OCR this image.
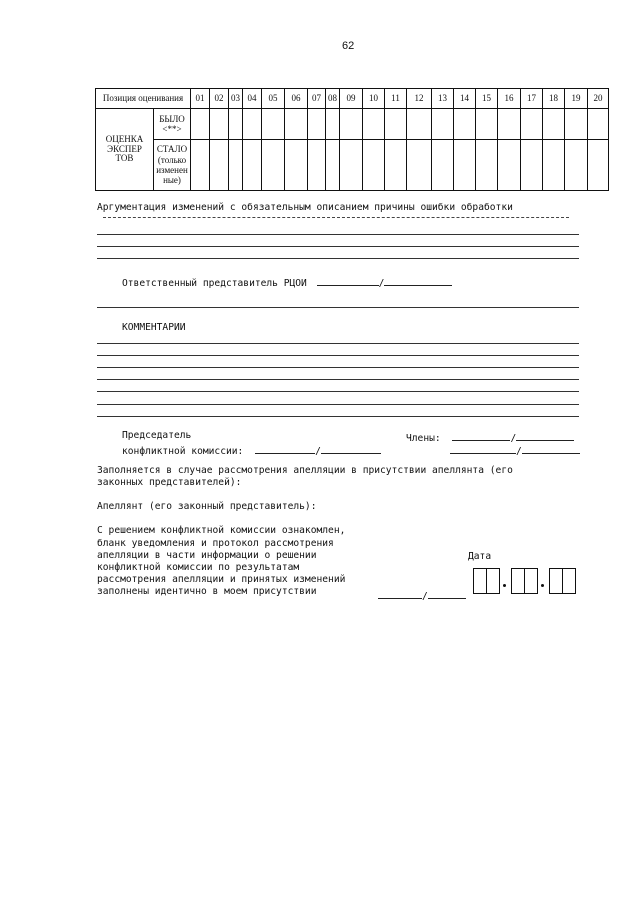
62
Позиция оценивания		01	02	03	04	05	06	07	08	09	10	11	12	13	14	15	16	17	18	19	20
ОЦЕНКА ЭКСПЕР ТОВ	БЫЛО <**>																				
	СТАЛО (только изменен ные)																				
Аргументация изменений с обязательным описанием причины ошибки обработки
Ответственный представитель РЦОИ	/
КОММЕНТАРИИ
Председатель
конфликтной комиссии:	/
Члены:	/
/
Заполняется в случае рассмотрения апелляции в присутствии апеллянта (его
законных представителей):
Апеллянт (его законный представитель):
С решением конфликтной комиссии ознакомлен,
бланк уведомления и протокол рассмотрения
апелляции в части информации о решении
конфликтной комиссии по результатам
рассмотрения апелляции и принятых изменений
заполнены идентично в моем присутствии	/
Дата
